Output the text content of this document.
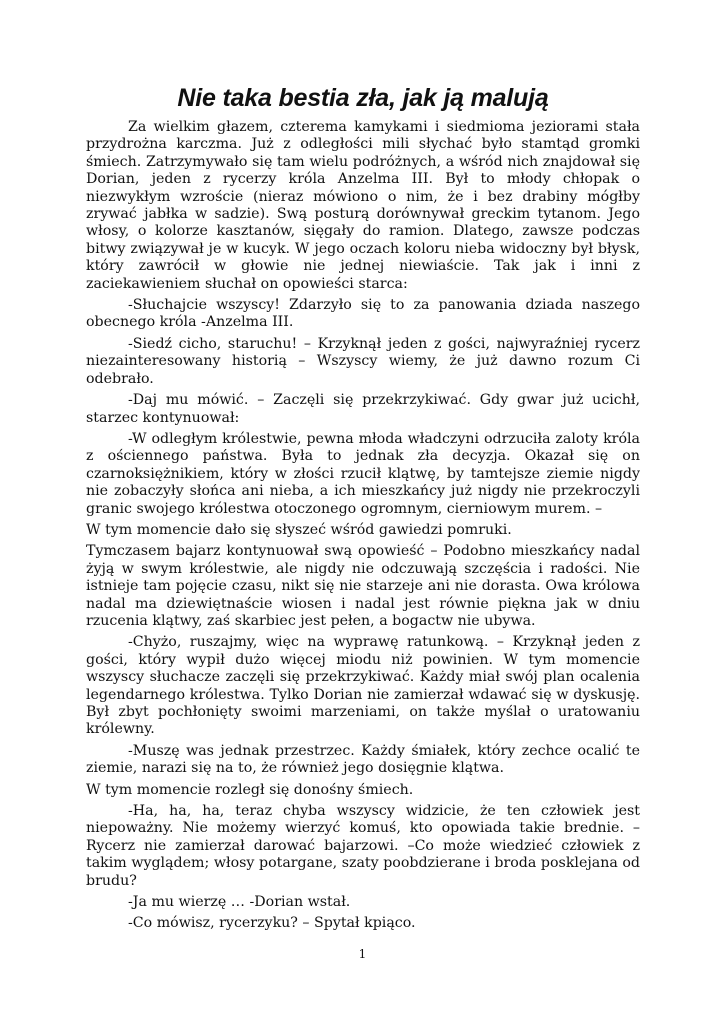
Nie taka bestia zła, jak ją malują

Za wielkim głazem, czterema kamykami i siedmioma jeziorami stała przydrożna karczma. Już z odległości mili słychać było stamtąd gromki śmiech. Zatrzymywało się tam wielu podróżnych, a wśród nich znajdował się Dorian, jeden z rycerzy króla Anzelma III. Był to młody chłopak o niezwykłym wzroście (nieraz mówiono o nim, że i bez drabiny mógłby zrywać jabłka w sadzie). Swą posturą dorównywał greckim tytanom. Jego włosy, o kolorze kasztanów, sięgały do ramion. Dlatego, zawsze podczas bitwy związywał je w kucyk. W jego oczach koloru nieba widoczny był błysk, który zawrócił w głowie nie jednej niewiaście. Tak jak i inni z zaciekawieniem słuchał on opowieści starca:

-Słuchajcie wszyscy! Zdarzyło się to za panowania dziada naszego obecnego króla -Anzelma III.

-Siedź cicho, staruchu! – Krzyknął jeden z gości, najwyraźniej rycerz niezainteresowany historią – Wszyscy wiemy, że już dawno rozum Ci odebrało.

-Daj mu mówić. – Zaczęli się przekrzykiwać. Gdy gwar już ucichł, starzec kontynuował:

-W odległym królestwie, pewna młoda władczyni odrzuciła zaloty króla z ościennego państwa. Była to jednak zła decyzja. Okazał się on czarnoksiężnikiem, który w złości rzucił klątwę, by tamtejsze ziemie nigdy nie zobaczyły słońca ani nieba, a ich mieszkańcy już nigdy nie przekroczyli granic swojego królestwa otoczonego ogromnym, cierniowym murem. –

W tym momencie dało się słyszeć wśród gawiedzi pomruki.

Tymczasem bajarz kontynuował swą opowieść – Podobno mieszkańcy nadal żyją w swym królestwie, ale nigdy nie odczuwają szczęścia i radości. Nie istnieje tam pojęcie czasu, nikt się nie starzeje ani nie dorasta. Owa królowa nadal ma dziewiętnaście wiosen i nadal jest równie piękna jak w dniu rzucenia klątwy, zaś skarbiec jest pełen, a bogactw nie ubywa.

-Chyżo, ruszajmy, więc na wyprawę ratunkową. – Krzyknął jeden z gości, który wypił dużo więcej miodu niż powinien. W tym momencie wszyscy słuchacze zaczęli się przekrzykiwać. Każdy miał swój plan ocalenia legendarnego królestwa. Tylko Dorian nie zamierzał wdawać się w dyskusję. Był zbyt pochłonięty swoimi marzeniami, on także myślał o uratowaniu królewny.

-Muszę was jednak przestrzec. Każdy śmiałek, który zechce ocalić te ziemie, narazi się na to, że również jego dosięgnie klątwa.

W tym momencie rozległ się donośny śmiech.

-Ha, ha, ha, teraz chyba wszyscy widzicie, że ten człowiek jest niepoważny. Nie możemy wierzyć komuś, kto opowiada takie brednie. – Rycerz nie zamierzał darować bajarzowi. –Co może wiedzieć człowiek z takim wyglądem; włosy potargane, szaty poobdzierane i broda posklejana od brudu?

-Ja mu wierzę … -Dorian wstał.

-Co mówisz, rycerzyku? – Spytał kpiąco.

1
